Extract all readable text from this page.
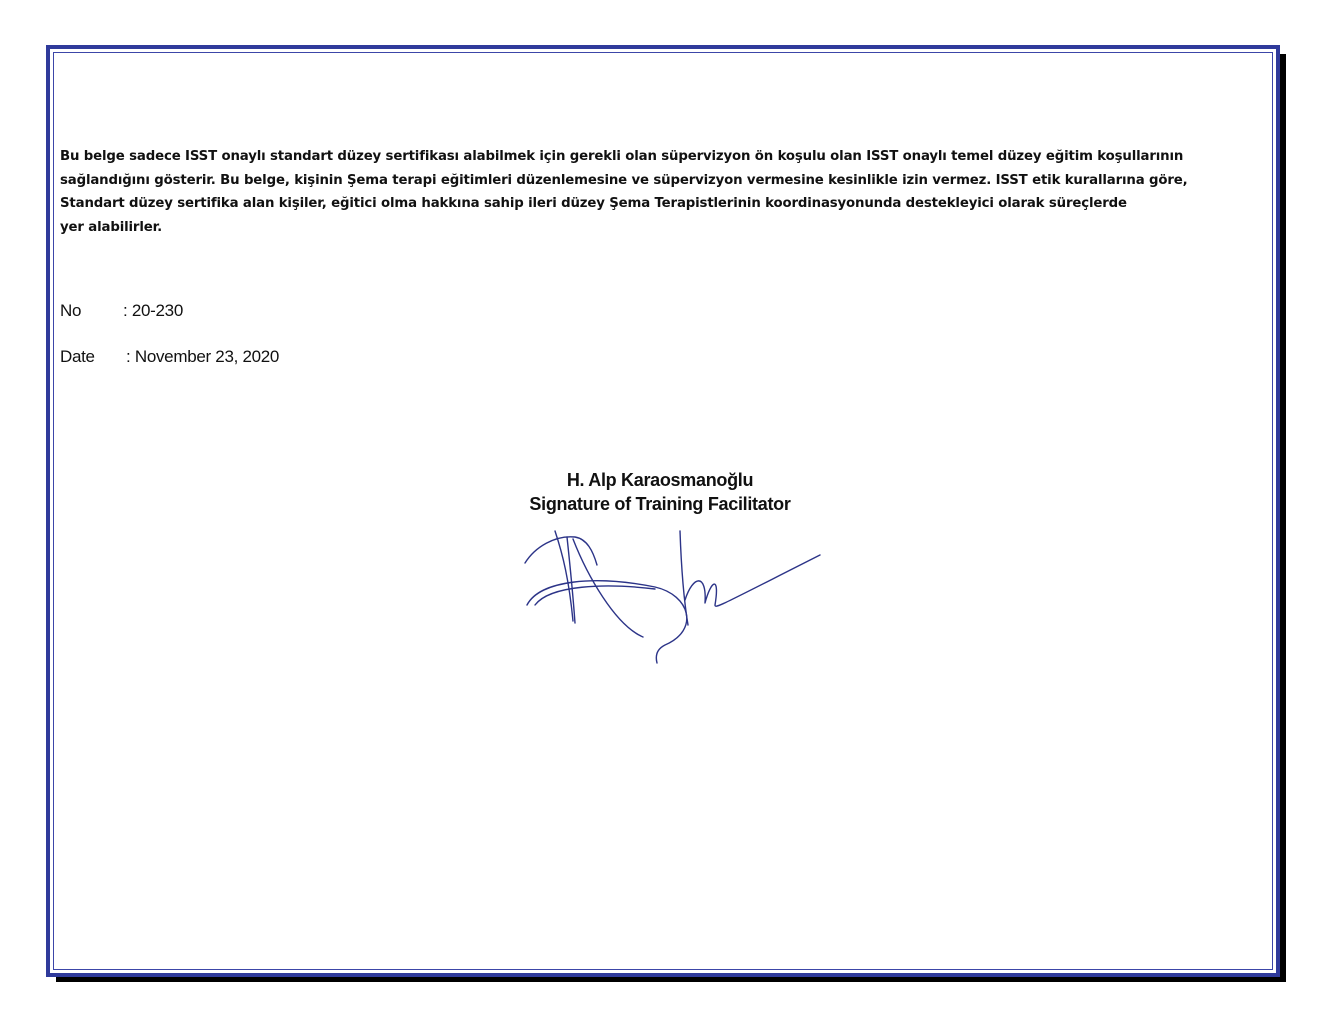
Bu belge sadece ISST onaylı standart düzey sertifikası alabilmek için gerekli olan süpervizyon ön koşulu olan ISST onaylı temel düzey eğitim koşullarının
sağlandığını gösterir. Bu belge, kişinin Şema terapi eğitimleri düzenlemesine ve süpervizyon vermesine kesinlikle izin vermez. ISST etik kurallarına göre,
Standart düzey sertifika alan kişiler, eğitici olma hakkına sahip ileri düzey Şema Terapistlerinin koordinasyonunda destekleyici olarak süreçlerde
yer alabilirler.
No : 20-230
Date : November 23, 2020
H. Alp Karaosmanoğlu
Signature of Training Facilitator
